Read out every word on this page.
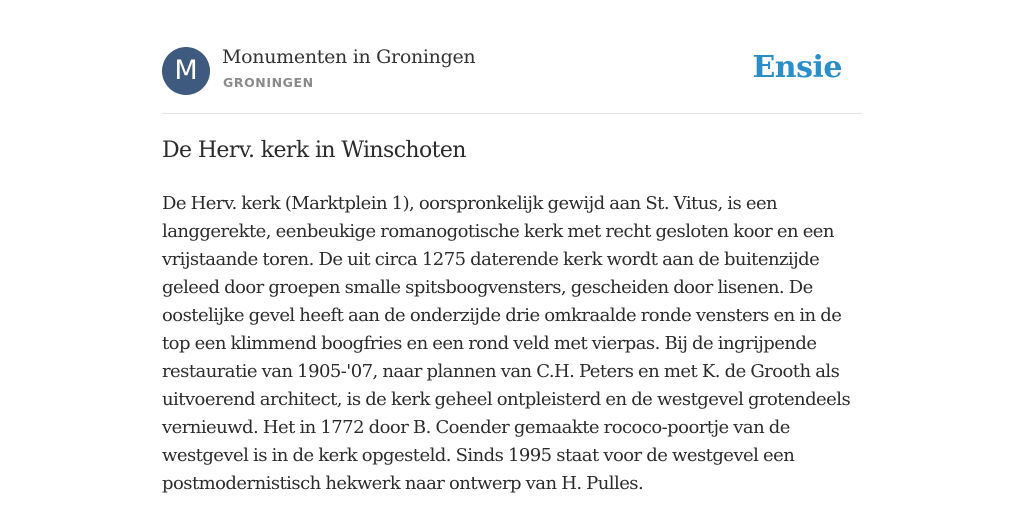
M	Monumenten in Groningen
GRONINGEN	Ensie
De Herv. kerk in Winschoten

De Herv. kerk (Marktplein 1), oorspronkelijk gewijd aan St. Vitus, is een langgerekte, eenbeukige romanogotische kerk met recht gesloten koor en een vrijstaande toren. De uit circa 1275 daterende kerk wordt aan de buitenzijde geleed door groepen smalle spitsboogvensters, gescheiden door lisenen. De oostelijke gevel heeft aan de onderzijde drie omkraalde ronde vensters en in de top een klimmend boogfries en een rond veld met vierpas. Bij de ingrijpende restauratie van 1905-'07, naar plannen van C.H. Peters en met K. de Grooth als uitvoerend architect, is de kerk geheel ontpleisterd en de westgevel grotendeels vernieuwd. Het in 1772 door B. Coender gemaakte rococo-poortje van de westgevel is in de kerk opgesteld. Sinds 1995 staat voor de westgevel een postmodernistisch hekwerk naar ontwerp van H. Pulles.
